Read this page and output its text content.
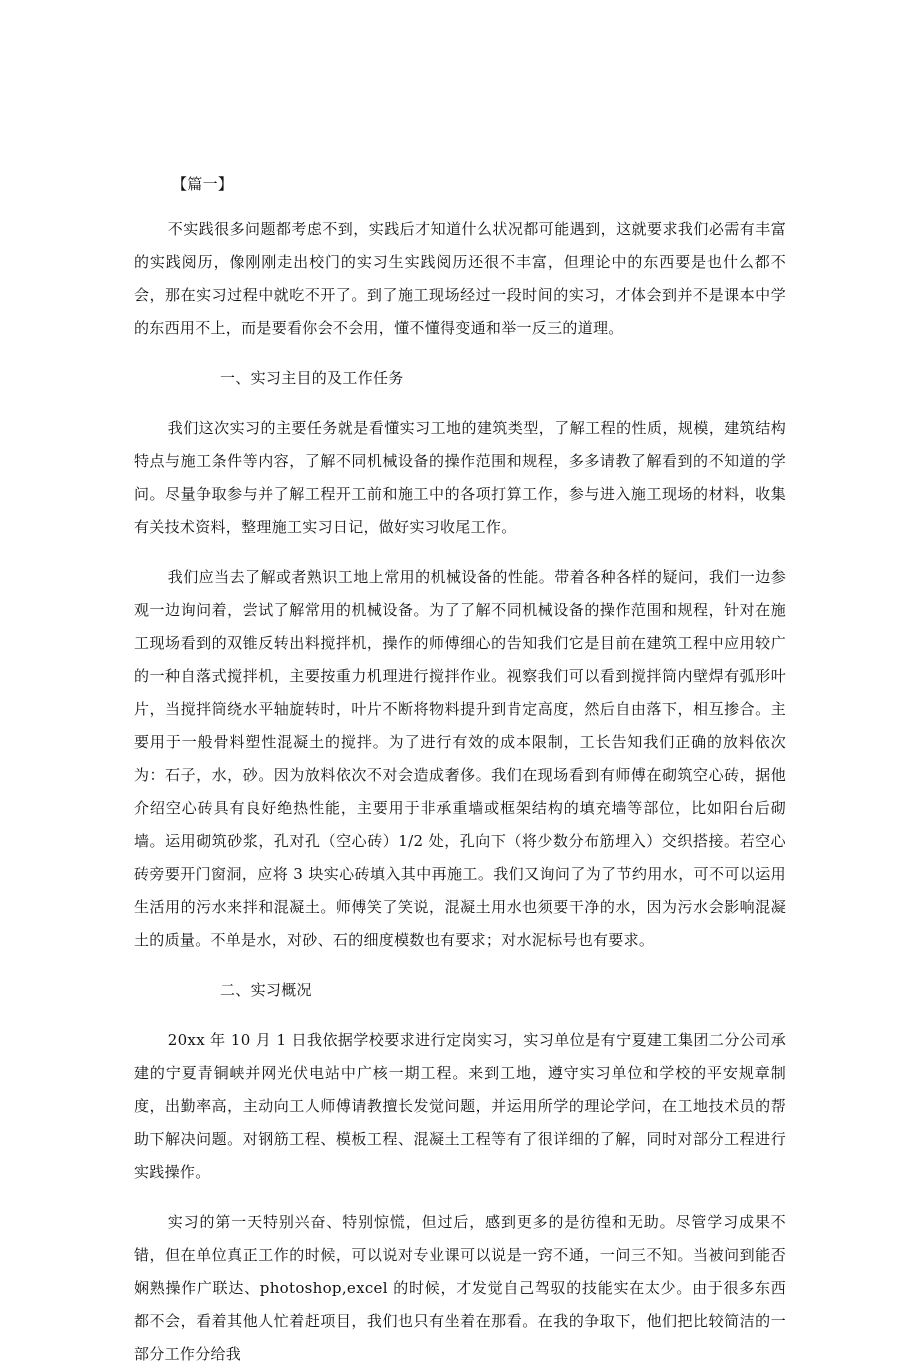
【篇一】

不实践很多问题都考虑不到，实践后才知道什么状况都可能遇到，这就要求我们必需有丰富的实践阅历，像刚刚走出校门的实习生实践阅历还很不丰富，但理论中的东西要是也什么都不会，那在实习过程中就吃不开了。到了施工现场经过一段时间的实习，才体会到并不是课本中学的东西用不上，而是要看你会不会用，懂不懂得变通和举一反三的道理。

一、实习主目的及工作任务

我们这次实习的主要任务就是看懂实习工地的建筑类型，了解工程的性质，规模，建筑结构特点与施工条件等内容，了解不同机械设备的操作范围和规程，多多请教了解看到的不知道的学问。尽量争取参与并了解工程开工前和施工中的各项打算工作，参与进入施工现场的材料，收集有关技术资料，整理施工实习日记，做好实习收尾工作。

我们应当去了解或者熟识工地上常用的机械设备的性能。带着各种各样的疑问，我们一边参观一边询问着，尝试了解常用的机械设备。为了了解不同机械设备的操作范围和规程，针对在施工现场看到的双锥反转出料搅拌机，操作的师傅细心的告知我们它是目前在建筑工程中应用较广的一种自落式搅拌机，主要按重力机理进行搅拌作业。视察我们可以看到搅拌筒内壁焊有弧形叶片，当搅拌筒绕水平轴旋转时，叶片不断将物料提升到肯定高度，然后自由落下，相互掺合。主要用于一般骨料塑性混凝土的搅拌。为了进行有效的成本限制，工长告知我们正确的放料依次为：石子，水，砂。因为放料依次不对会造成奢侈。我们在现场看到有师傅在砌筑空心砖，据他介绍空心砖具有良好绝热性能，主要用于非承重墙或框架结构的填充墙等部位，比如阳台后砌墙。运用砌筑砂浆，孔对孔（空心砖）1/2 处，孔向下（将少数分布筋埋入）交织搭接。若空心砖旁要开门窗洞，应将 3 块实心砖填入其中再施工。我们又询问了为了节约用水，可不可以运用生活用的污水来拌和混凝土。师傅笑了笑说，混凝土用水也须要干净的水，因为污水会影响混凝土的质量。不单是水，对砂、石的细度模数也有要求；对水泥标号也有要求。

二、实习概况

20xx 年 10 月 1 日我依据学校要求进行定岗实习，实习单位是有宁夏建工集团二分公司承建的宁夏青铜峡并网光伏电站中广核一期工程。来到工地，遵守实习单位和学校的平安规章制度，出勤率高，主动向工人师傅请教擅长发觉问题，并运用所学的理论学问，在工地技术员的帮助下解决问题。对钢筋工程、模板工程、混凝土工程等有了很详细的了解，同时对部分工程进行实践操作。

实习的第一天特别兴奋、特别惊慌，但过后，感到更多的是彷徨和无助。尽管学习成果不错，但在单位真正工作的时候，可以说对专业课可以说是一窍不通，一问三不知。当被问到能否娴熟操作广联达、photoshop,excel 的时候，才发觉自己驾驭的技能实在太少。由于很多东西都不会，看着其他人忙着赶项目，我们也只有坐着在那看。在我的争取下，他们把比较简洁的一部分工作分给我
